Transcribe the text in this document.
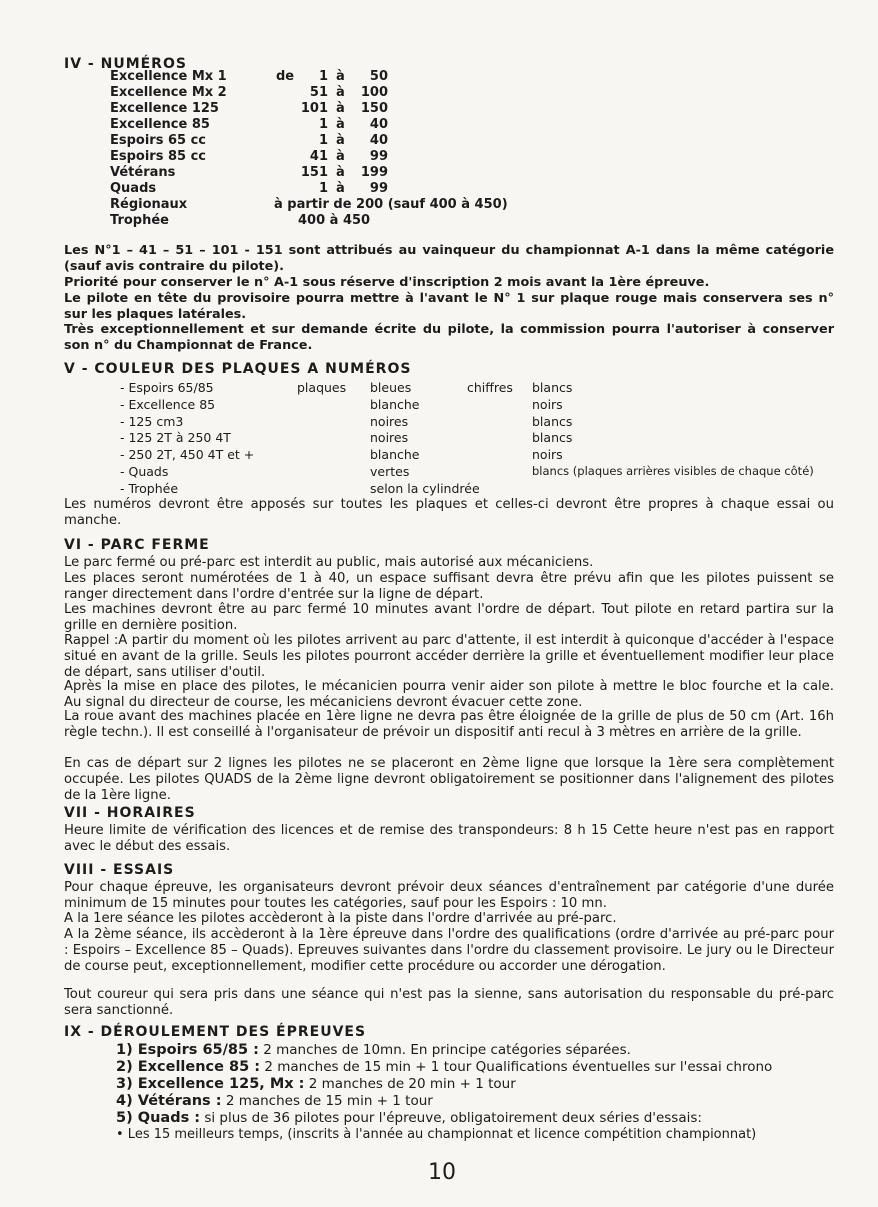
IV - NUMÉROS
Excellence Mx 1	de	1 à	50
Excellence Mx 2	51 à	100
Excellence 125	101 à	150
Excellence 85	1 à	40
Espoirs 65 cc	1 à	40
Espoirs 85 cc	41 à	99
Vétérans	151 à	199
Quads	1 à	99
Régionaux	à partir de 200 (sauf 400 à 450)
Trophée	400 à 450
Les N°1 – 41 – 51 – 101 - 151 sont attribués au vainqueur du championnat A-1 dans la même catégorie (sauf avis contraire du pilote).
Priorité pour conserver le n° A-1 sous réserve d'inscription 2 mois avant la 1ère épreuve.
Le pilote en tête du provisoire pourra mettre à l'avant le N° 1 sur plaque rouge mais conservera ses n° sur les plaques latérales.
Très exceptionnellement et sur demande écrite du pilote, la commission pourra l'autoriser à conserver son n° du Championnat de France.
V - COULEUR DES PLAQUES A NUMÉROS
plaques	chiffres
- Espoirs 65/85	bleues	blancs
- Excellence 85	blanche	noirs
- 125 cm3	noires	blancs
- 125 2T à 250 4T	noires	blancs
- 250 2T, 450 4T et +	blanche	noirs
- Quads	vertes	blancs (plaques arrières visibles de chaque côté)
- Trophée	selon la cylindrée
Les numéros devront être apposés sur toutes les plaques et celles-ci devront être propres à chaque essai ou manche.
VI - PARC FERME
Le parc fermé ou pré-parc est interdit au public, mais autorisé aux mécaniciens.
Les places seront numérotées de 1 à 40, un espace suffisant devra être prévu afin que les pilotes puissent se ranger directement dans l'ordre d'entrée sur la ligne de départ.
Les machines devront être au parc fermé 10 minutes avant l'ordre de départ. Tout pilote en retard partira sur la grille en dernière position.
Rappel :A partir du moment où les pilotes arrivent au parc d'attente, il est interdit à quiconque d'accéder à l'espace situé en avant de la grille. Seuls les pilotes pourront accéder derrière la grille et éventuellement modifier leur place de départ, sans utiliser d'outil.
Après la mise en place des pilotes, le mécanicien pourra venir aider son pilote à mettre le bloc fourche et la cale. Au signal du directeur de course, les mécaniciens devront évacuer cette zone.
La roue avant des machines placée en 1ère ligne ne devra pas être éloignée de la grille de plus de 50 cm (Art. 16h règle techn.). Il est conseillé à l'organisateur de prévoir un dispositif anti recul à 3 mètres en arrière de la grille.
En cas de départ sur 2 lignes les pilotes ne se placeront en 2ème ligne que lorsque la 1ère sera complètement occupée. Les pilotes QUADS de la 2ème ligne devront obligatoirement se positionner dans l'alignement des pilotes de la 1ère ligne.
VII - HORAIRES
Heure limite de vérification des licences et de remise des transpondeurs: 8 h 15 Cette heure n'est pas en rapport avec le début des essais.
VIII - ESSAIS
Pour chaque épreuve, les organisateurs devront prévoir deux séances d'entraînement par catégorie d'une durée minimum de 15 minutes pour toutes les catégories, sauf pour les Espoirs : 10 mn.
A la 1ere séance les pilotes accèderont à la piste dans l'ordre d'arrivée au pré-parc.
A la 2ème séance, ils accèderont à la 1ère épreuve dans l'ordre des qualifications (ordre d'arrivée au pré-parc pour : Espoirs – Excellence 85 – Quads). Epreuves suivantes dans l'ordre du classement provisoire. Le jury ou le Directeur de course peut, exceptionnellement, modifier cette procédure ou accorder une dérogation.
Tout coureur qui sera pris dans une séance qui n'est pas la sienne, sans autorisation du responsable du pré-parc sera sanctionné.
IX - DÉROULEMENT DES ÉPREUVES
1) Espoirs 65/85 : 2 manches de 10mn. En principe catégories séparées.
2) Excellence 85 : 2 manches de 15 min + 1 tour Qualifications éventuelles sur l'essai chrono
3) Excellence 125, Mx : 2 manches de 20 min + 1 tour
4) Vétérans : 2 manches de 15 min + 1 tour
5) Quads : si plus de 36 pilotes pour l'épreuve, obligatoirement deux séries d'essais:
• Les 15 meilleurs temps, (inscrits à l'année au championnat et licence compétition championnat)
10
